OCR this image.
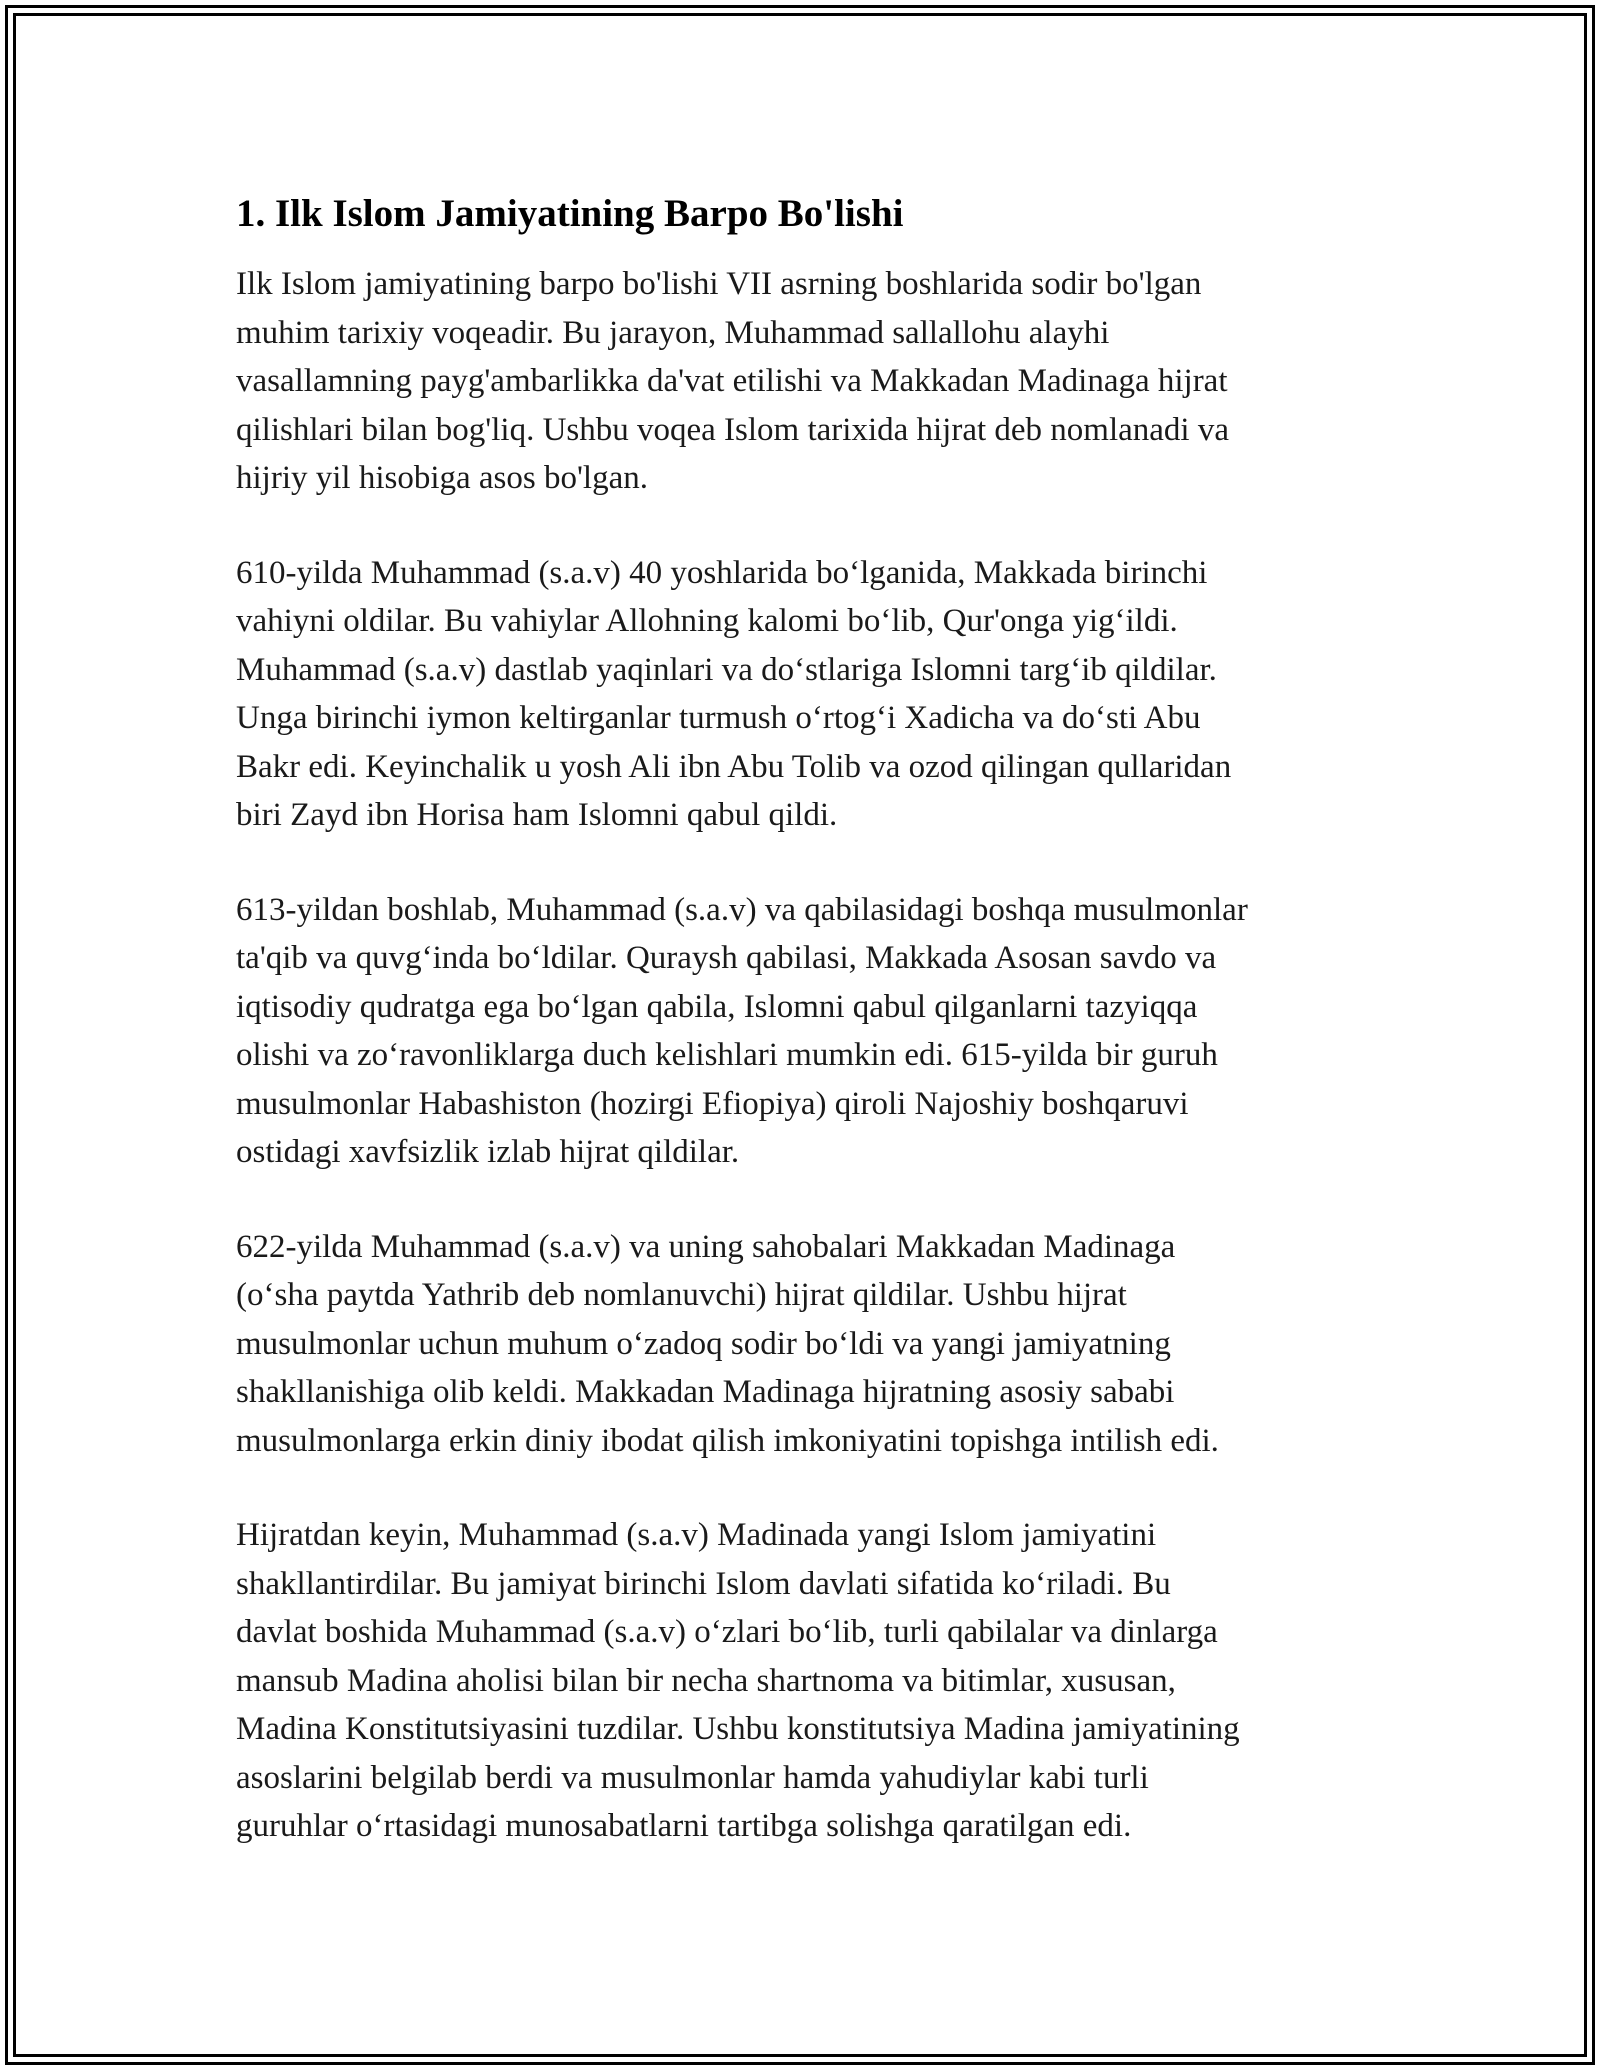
1. Ilk Islom Jamiyatining Barpo Bo'lishi

Ilk Islom jamiyatining barpo bo'lishi VII asrning boshlarida sodir bo'lgan
muhim tarixiy voqeadir. Bu jarayon, Muhammad sallallohu alayhi
vasallamning payg'ambarlikka da'vat etilishi va Makkadan Madinaga hijrat
qilishlari bilan bog'liq. Ushbu voqea Islom tarixida hijrat deb nomlanadi va
hijriy yil hisobiga asos bo'lgan.

610-yilda Muhammad (s.a.v) 40 yoshlarida bo‘lganida, Makkada birinchi
vahiyni oldilar. Bu vahiylar Allohning kalomi bo‘lib, Qur'onga yig‘ildi.
Muhammad (s.a.v) dastlab yaqinlari va do‘stlariga Islomni targ‘ib qildilar.
Unga birinchi iymon keltirganlar turmush o‘rtog‘i Xadicha va do‘sti Abu
Bakr edi. Keyinchalik u yosh Ali ibn Abu Tolib va ozod qilingan qullaridan
biri Zayd ibn Horisa ham Islomni qabul qildi.

613-yildan boshlab, Muhammad (s.a.v) va qabilasidagi boshqa musulmonlar
ta'qib va quvg‘inda bo‘ldilar. Quraysh qabilasi, Makkada Asosan savdo va
iqtisodiy qudratga ega bo‘lgan qabila, Islomni qabul qilganlarni tazyiqqa
olishi va zo‘ravonliklarga duch kelishlari mumkin edi. 615-yilda bir guruh
musulmonlar Habashiston (hozirgi Efiopiya) qiroli Najoshiy boshqaruvi
ostidagi xavfsizlik izlab hijrat qildilar.

622-yilda Muhammad (s.a.v) va uning sahobalari Makkadan Madinaga
(o‘sha paytda Yathrib deb nomlanuvchi) hijrat qildilar. Ushbu hijrat
musulmonlar uchun muhum o‘zadoq sodir bo‘ldi va yangi jamiyatning
shakllanishiga olib keldi. Makkadan Madinaga hijratning asosiy sababi
musulmonlarga erkin diniy ibodat qilish imkoniyatini topishga intilish edi.

Hijratdan keyin, Muhammad (s.a.v) Madinada yangi Islom jamiyatini
shakllantirdilar. Bu jamiyat birinchi Islom davlati sifatida ko‘riladi. Bu
davlat boshida Muhammad (s.a.v) o‘zlari bo‘lib, turli qabilalar va dinlarga
mansub Madina aholisi bilan bir necha shartnoma va bitimlar, xususan,
Madina Konstitutsiyasini tuzdilar. Ushbu konstitutsiya Madina jamiyatining
asoslarini belgilab berdi va musulmonlar hamda yahudiylar kabi turli
guruhlar o‘rtasidagi munosabatlarni tartibga solishga qaratilgan edi.
